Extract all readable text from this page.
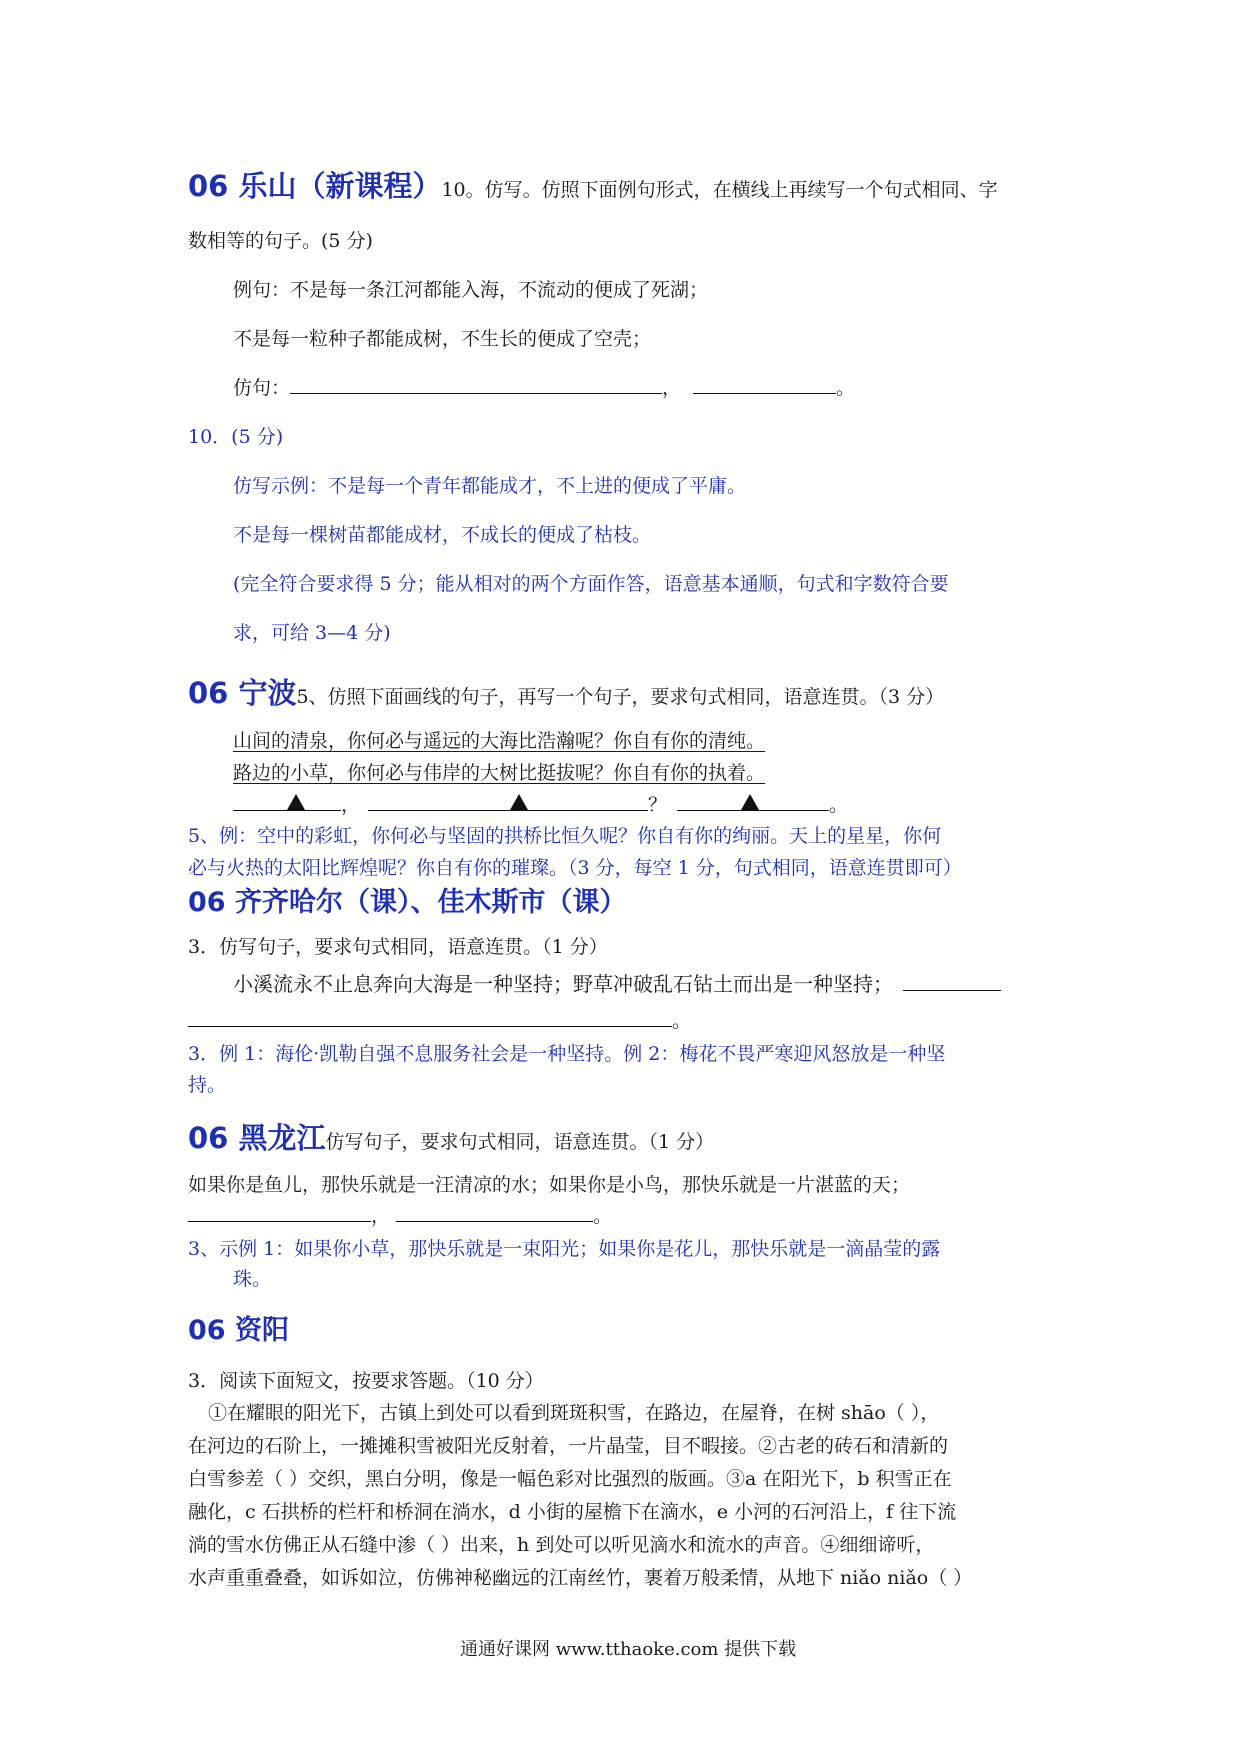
06 乐山（新课程）10。仿写。仿照下面例句形式，在横线上再续写一个句式相同、字
数相等的句子。(5 分)
例句：不是每一条江河都能入海，不流动的便成了死湖；
不是每一粒种子都能成树，不生长的便成了空壳；
仿句：	，	。
10．(5 分)
仿写示例：不是每一个青年都能成才，不上进的便成了平庸。
不是每一棵树苗都能成材，不成长的便成了枯枝。
(完全符合要求得 5 分；能从相对的两个方面作答，语意基本通顺，句式和字数符合要
求，可给 3—4 分)
06 宁波5、仿照下面画线的句子，再写一个句子，要求句式相同，语意连贯。（3 分）
山间的清泉，你何必与遥远的大海比浩瀚呢？你自有你的清纯。
路边的小草，你何必与伟岸的大树比挺拔呢？你自有你的执着。
，	？	。
5、例：空中的彩虹，你何必与坚固的拱桥比恒久呢？你自有你的绚丽。天上的星星，你何
必与火热的太阳比辉煌呢？你自有你的璀璨。（3 分，每空 1 分，句式相同，语意连贯即可）
06 齐齐哈尔（课）、佳木斯市（课）
3．仿写句子，要求句式相同，语意连贯。（1 分）
小溪流永不止息奔向大海是一种坚持；野草冲破乱石钻土而出是一种坚持；
。
3．例 1：海伦·凯勒自强不息服务社会是一种坚持。例 2：梅花不畏严寒迎风怒放是一种坚
持。
06 黑龙江仿写句子，要求句式相同，语意连贯。（1 分）
如果你是鱼儿，那快乐就是一汪清凉的水；如果你是小鸟，那快乐就是一片湛蓝的天；
，	。
3、示例 1：如果你小草，那快乐就是一束阳光；如果你是花儿，那快乐就是一滴晶莹的露
珠。
06 资阳
3．阅读下面短文，按要求答题。（10 分）
①在耀眼的阳光下，古镇上到处可以看到斑斑积雪，在路边，在屋脊，在树 shāo（ ），
在河边的石阶上，一摊摊积雪被阳光反射着，一片晶莹，目不暇接。②古老的砖石和清新的
白雪参差（ ）交织，黑白分明，像是一幅色彩对比强烈的版画。③a 在阳光下，b 积雪正在
融化，c 石拱桥的栏杆和桥洞在淌水，d 小街的屋檐下在滴水，e 小河的石河沿上，f 往下流
淌的雪水仿佛正从石缝中渗（ ）出来，h 到处可以听见滴水和流水的声音。④细细谛听，
水声重重叠叠，如诉如泣，仿佛神秘幽远的江南丝竹，裹着万般柔情，从地下 niǎo niǎo（ ）
通通好课网 www.tthaoke.com 提供下载
